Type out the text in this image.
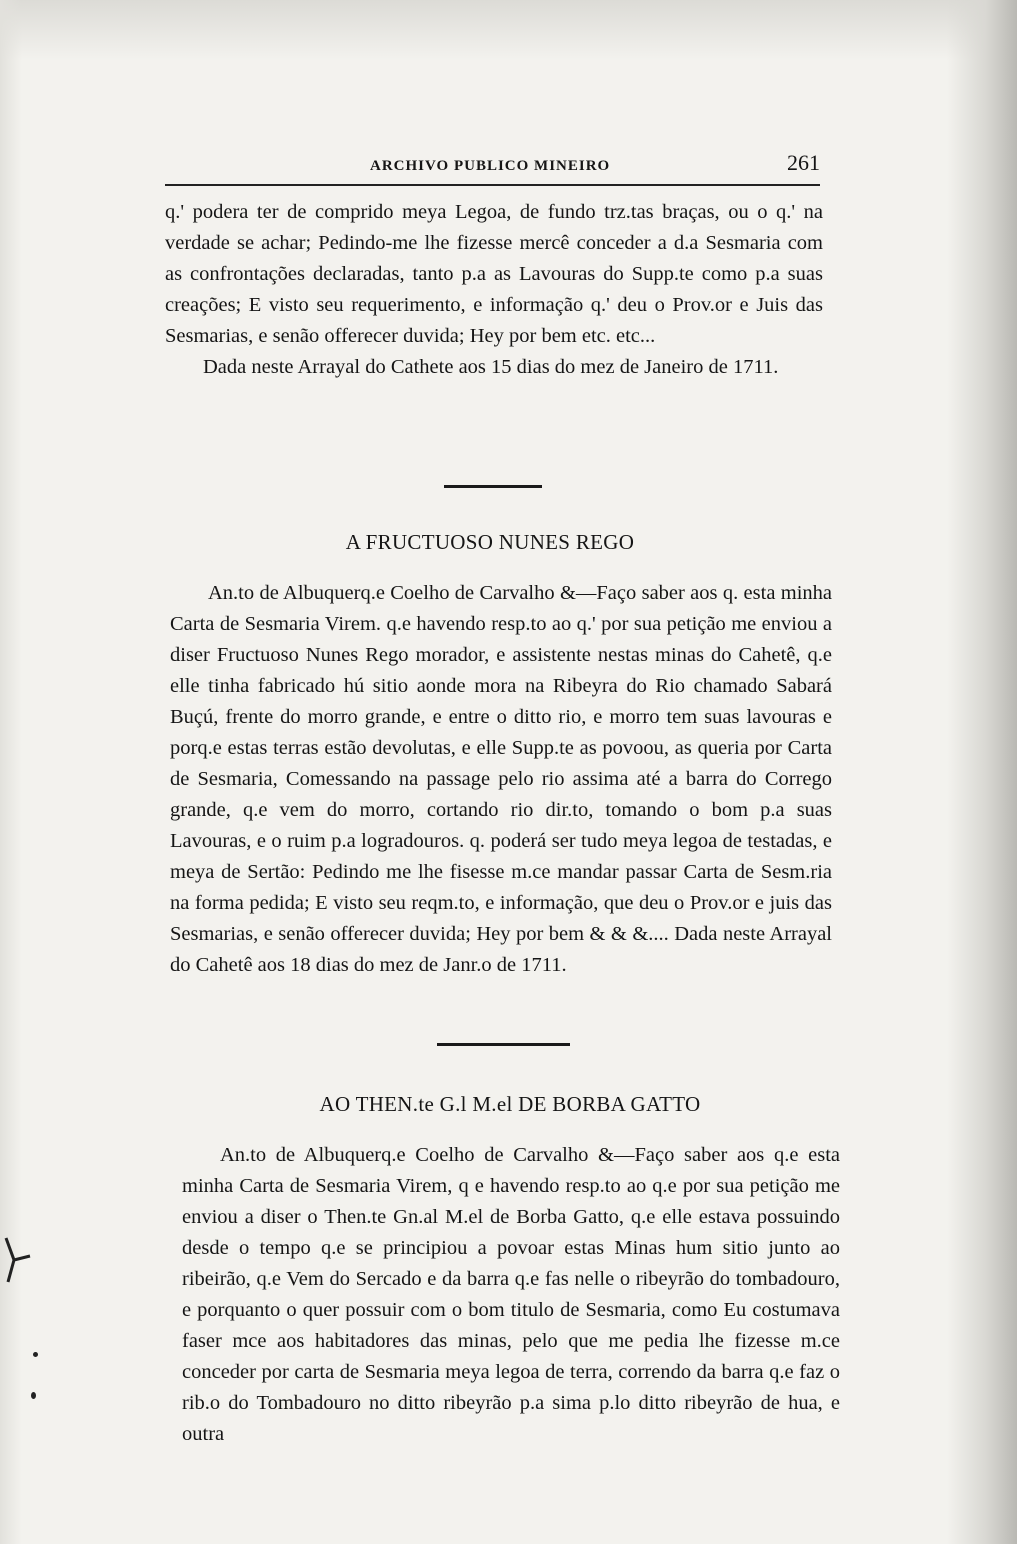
ARCHIVO PUBLICO MINEIRO	261

q.' podera ter de comprido meya Legoa, de fundo trz.tas braças, ou o q.' na verdade se achar; Pedindo-me lhe fizesse mercê conceder a d.a Sesmaria com as confrontações declaradas, tanto p.a as Lavouras do Supp.te como p.a suas creações; E visto seu requerimento, e informação q.' deu o Prov.or e Juis das Sesmarias, e senão offerecer duvida; Hey por bem etc. etc...

Dada neste Arrayal do Cathete aos 15 dias do mez de Janeiro de 1711.

A FRUCTUOSO NUNES REGO

An.to de Albuquerq.e Coelho de Carvalho &—Faço saber aos q. esta minha Carta de Sesmaria Virem. q.e havendo resp.to ao q.' por sua petição me enviou a diser Fructuoso Nunes Rego morador, e assistente nestas minas do Cahetê, q.e elle tinha fabricado hú sitio aonde mora na Ribeyra do Rio chamado Sabará Buçú, frente do morro grande, e entre o ditto rio, e morro tem suas lavouras e porq.e estas terras estão devolutas, e elle Supp.te as povoou, as queria por Carta de Sesmaria, Comessando na passage pelo rio assima até a barra do Corrego grande, q.e vem do morro, cortando rio dir.to, tomando o bom p.a suas Lavouras, e o ruim p.a logradouros. q. poderá ser tudo meya legoa de testadas, e meya de Sertão: Pedindo me lhe fisesse m.ce mandar passar Carta de Sesm.ria na forma pedida; E visto seu reqm.to, e informação, que deu o Prov.or e juis das Sesmarias, e senão offerecer duvida; Hey por bem & & &.... Dada neste Arrayal do Cahetê aos 18 dias do mez de Janr.o de 1711.

AO THEN.te G.l M.el DE BORBA GATTO

An.to de Albuquerq.e Coelho de Carvalho &—Faço saber aos q.e esta minha Carta de Sesmaria Virem, q e havendo resp.to ao q.e por sua petição me enviou a diser o Then.te Gn.al M.el de Borba Gatto, q.e elle estava possuindo desde o tempo q.e se principiou a povoar estas Minas hum sitio junto ao ribeirão, q.e Vem do Sercado e da barra q.e fas nelle o ribeyrão do tombadouro, e porquanto o quer possuir com o bom titulo de Sesmaria, como Eu costumava faser mce aos habitadores das minas, pelo que me pedia lhe fizesse m.ce conceder por carta de Sesmaria meya legoa de terra, correndo da barra q.e faz o rib.o do Tombadouro no ditto ribeyrão p.a sima p.lo ditto ribeyrão de hua, e outra
